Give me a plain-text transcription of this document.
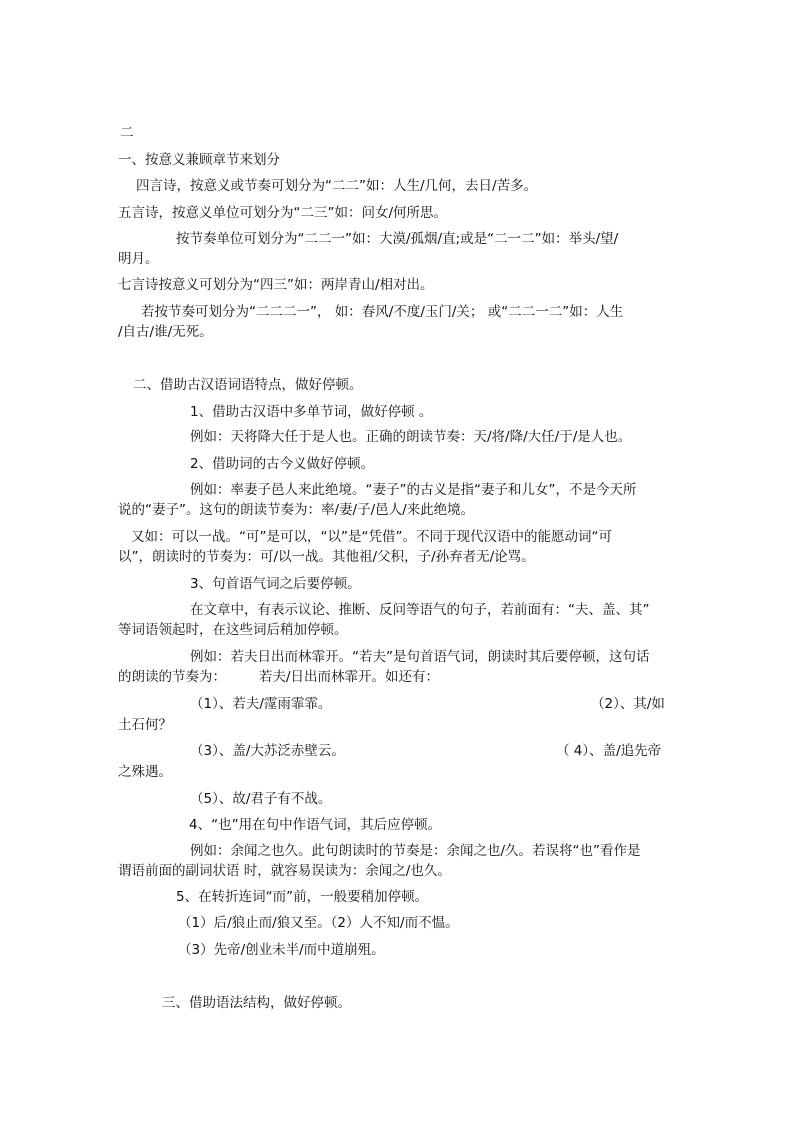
二
一、按意义兼顾章节来划分
四言诗，按意义或节奏可划分为“二二”如：人生/几何，去日/苦多。
五言诗，按意义单位可划分为“二三”如：问女/何所思。
按节奏单位可划分为“二二一”如：大漠/孤烟/直;或是“二一二”如：举头/望/
明月。
七言诗按意义可划分为“四三”如：两岸青山/相对出。
若按节奏可划分为“二二二一”， 如：春风/不度/玉门/关； 或“二二一二”如：人生
/自古/谁/无死。
二、借助古汉语词语特点，做好停顿。
1、借助古汉语中多单节词，做好停顿 。
例如：天将降大任于是人也。正确的朗读节奏：天/将/降/大任/于/是人也。
2、借助词的古今义做好停顿。
例如：率妻子邑人来此绝境。“妻子”的古义是指“妻子和儿女”，不是今天所
说的“妻子”。这句的朗读节奏为：率/妻/子/邑人/来此绝境。
又如：可以一战。“可”是可以，“以”是“凭借”。不同于现代汉语中的能愿动词“可
以”，朗读时的节奏为：可/以一战。其他祖/父积，子/孙弃者无/论骂。
3、句首语气词之后要停顿。
在文章中，有表示议论、推断、反问等语气的句子，若前面有：“夫、盖、其”
等词语领起时，在这些词后稍加停顿。
例如：若夫日出而林霏开。“若夫”是句首语气词，朗读时其后要停顿，这句话
的朗读的节奏为： 若夫/日出而林霏开。如还有：
（1）、若夫/霪雨霏霏。	（2）、其/如
土石何？
（3）、盖/大苏泛赤壁云。	（ 4）、盖/追先帝
之殊遇。
（5）、故/君子有不战。
4、“也”用在句中作语气词，其后应停顿。
例如：余闻之也久。此句朗读时的节奏是：余闻之也/久。若误将“也”看作是
谓语前面的副词状语 时，就容易误读为：余闻之/也久。
5、在转折连词“而”前，一般要稍加停顿。
（1）后/狼止而/狼又至。（2）人不知/而不愠。
（3）先帝/创业未半/而中道崩殂。
三、借助语法结构，做好停顿。
